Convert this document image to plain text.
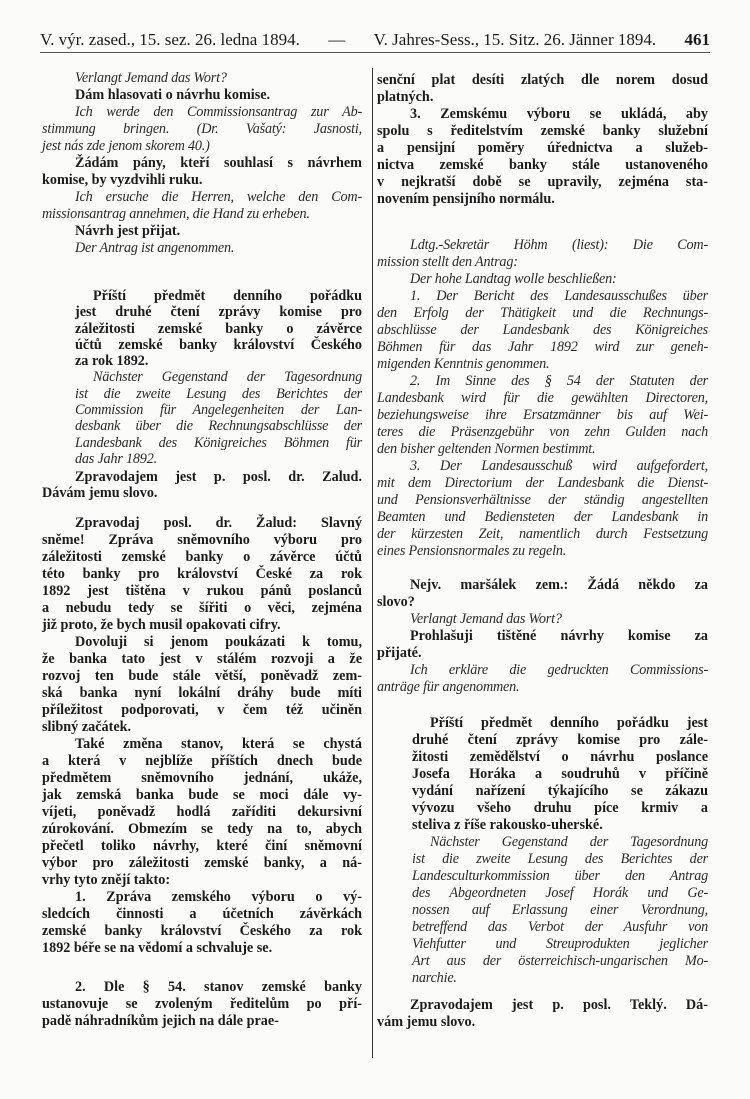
V. výr. zased., 15. sez. 26. ledna 1894. — V. Jahres-Sess., 15. Sitz. 26. Jänner 1894. 461
Verlangt Jemand das Wort?
Dám hlasovati o návrhu komise.
Ich werde den Commissionsantrag zur Ab-
stimmung bringen. (Dr. Vašatý: Jasnosti,
jest nás zde jenom skorem 40.)
Žádám pány, kteří souhlasí s návrhem
komise, by vyzdvihli ruku.
Ich ersuche die Herren, welche den Com-
missionsantrag annehmen, die Hand zu erheben.
Návrh jest přijat.
Der Antrag ist angenommen.
Příští předmět denního pořádku
jest druhé čtení zprávy komise pro
záležitosti zemské banky o závěrce
účtů zemské banky království Českého
za rok 1892.
Nächster Gegenstand der Tagesordnung
ist die zweite Lesung des Berichtes der
Commission für Angelegenheiten der Lan-
desbank über die Rechnungsabschlüsse der
Landesbank des Königreiches Böhmen für
das Jahr 1892.
Zpravodajem jest p. posl. dr. Zalud.
Dávám jemu slovo.
Zpravodaj posl. dr. Žalud: Slavný
sněme! Zpráva sněmovního výboru pro
záležitosti zemské banky o závěrce účtů
této banky pro království České za rok
1892 jest tištěna v rukou pánů poslanců
a nebudu tedy se šířiti o věci, zejména
již proto, že bych musil opakovati cifry.
Dovoluji si jenom poukázati k tomu,
že banka tato jest v stálém rozvoji a že
rozvoj ten bude stále větší, poněvadž zem-
ská banka nyní lokální dráhy bude míti
příležitost podporovati, v čem též učiněn
slibný začátek.
Také změna stanov, která se chystá
a která v nejblíže příštích dnech bude
předmětem sněmovního jednání, ukáže,
jak zemská banka bude se moci dále vy-
víjeti, poněvadž hodlá zaříditi dekursivní
zúrokování. Obmezím se tedy na to, abych
přečetl toliko návrhy, které činí sněmovní
výbor pro záležitosti zemské banky, a ná-
vrhy tyto znějí takto:
1. Zpráva zemského výboru o vý-
sledcích činnosti a účetních závěrkách
zemské banky království Českého za rok
1892 béře se na vědomí a schvaluje se.
2. Dle § 54. stanov zemské banky
ustanovuje se zvoleným ředitelům po pří-
padě náhradníkům jejich na dále prae-
senční plat desíti zlatých dle norem dosud
platných.
3. Zemskému výboru se ukládá, aby
spolu s ředitelstvím zemské banky služební
a pensijní poměry úřednictva a služeb-
nictva zemské banky stále ustanoveného
v nejkratší době se upravily, zejména sta-
novením pensijního normálu.
Ldtg.-Sekretär Höhm (liest): Die Com-
mission stellt den Antrag:
Der hohe Landtag wolle beschließen:
1. Der Bericht des Landesausschußes über
den Erfolg der Thätigkeit und die Rechnungs-
abschlüsse der Landesbank des Königreiches
Böhmen für das Jahr 1892 wird zur geneh-
migenden Kenntnis genommen.
2. Im Sinne des § 54 der Statuten der
Landesbank wird für die gewählten Directoren,
beziehungsweise ihre Ersatzmänner bis auf Wei-
teres die Präsenzgebühr von zehn Gulden nach
den bisher geltenden Normen bestimmt.
3. Der Landesausschuß wird aufgefordert,
mit dem Directorium der Landesbank die Dienst-
und Pensionsverhältnisse der ständig angestellten
Beamten und Bediensteten der Landesbank in
der kürzesten Zeit, namentlich durch Festsetzung
eines Pensionsnormales zu regeln.
Nejv. maršálek zem.: Žádá někdo za
slovo?
Verlangt Jemand das Wort?
Prohlašuji tištěné návrhy komise za
přijaté.
Ich erkläre die gedruckten Commissions-
anträge für angenommen.
Příští předmět denního pořádku jest
druhé čtení zprávy komise pro zále-
žitosti zemědělství o návrhu poslance
Josefa Horáka a soudruhů v příčině
vydání nařízení týkajícího se zákazu
vývozu všeho druhu píce krmiv a
steliva z říše rakousko-uherské.
Nächster Gegenstand der Tagesordnung
ist die zweite Lesung des Berichtes der
Landesculturkommission über den Antrag
des Abgeordneten Josef Horák und Ge-
nossen auf Erlassung einer Verordnung,
betreffend das Verbot der Ausfuhr von
Viehfutter und Streuprodukten jeglicher
Art aus der österreichisch-ungarischen Mo-
narchie.
Zpravodajem jest p. posl. Teklý. Dá-
vám jemu slovo.
